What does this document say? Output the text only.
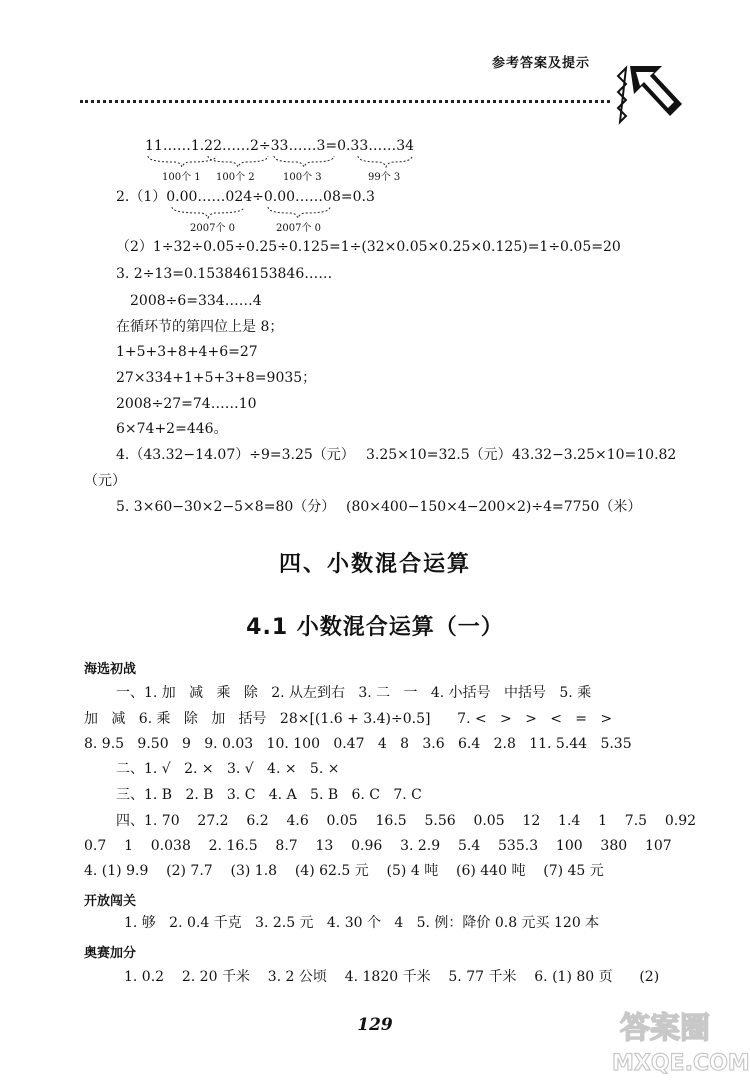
参考答案及提示
11……1.22……2÷33……3=0.33……34
100个 1 100个 2	100个 3	99个 3
2.（1）0.00……024÷0.00……08=0.3
2007个 0	2007个 0
（2）1÷32÷0.05÷0.25÷0.125=1÷(32×0.05×0.25×0.125)=1÷0.05=20
3. 2÷13=0.153846153846……
2008÷6=334……4
在循环节的第四位上是 8；
1+5+3+8+4+6=27
27×334+1+5+3+8=9035；
2008÷27=74……10
6×74+2=446。
4.（43.32−14.07）÷9=3.25（元） 3.25×10=32.5（元） 43.32−3.25×10=10.82
（元）
5. 3×60−30×2−5×8=80（分） (80×400−150×4−200×2)÷4=7750（米）
四、小数混合运算
4.1 小数混合运算（一）
海选初战
一、1. 加   减   乘   除   2. 从左到右   3. 二   一   4. 小括号   中括号   5. 乘
加   减   6. 乘   除   加   括号   28×[(1.6 + 3.4)÷0.5]      7. <   >   >   <   =   >
8. 9.5   9.50   9   9. 0.03   10. 100   0.47   4   8   3.6   6.4   2.8   11. 5.44   5.35
二、1. √   2. ×   3. √   4. ×   5. ×
三、1. B   2. B   3. C   4. A   5. B   6. C   7. C
四、1. 70    27.2    6.2    4.6    0.05    16.5    5.56    0.05    12    1.4    1    7.5    0.92
0.7    1    0.038    2. 16.5    8.7    13    0.96    3. 2.9    5.4    535.3    100    380    107
4. (1) 9.9    (2) 7.7    (3) 1.8    (4) 62.5 元    (5) 4 吨    (6) 440 吨    (7) 45 元
开放闯关
1. 够   2. 0.4 千克   3. 2.5 元   4. 30 个   4   5. 例：降价 0.8 元买 120 本
奥赛加分
1. 0.2    2. 20 千米    3. 2 公顷    4. 1820 千米    5. 77 千米    6. (1) 80 页      (2)
129	答案圈
MXQE.COM
